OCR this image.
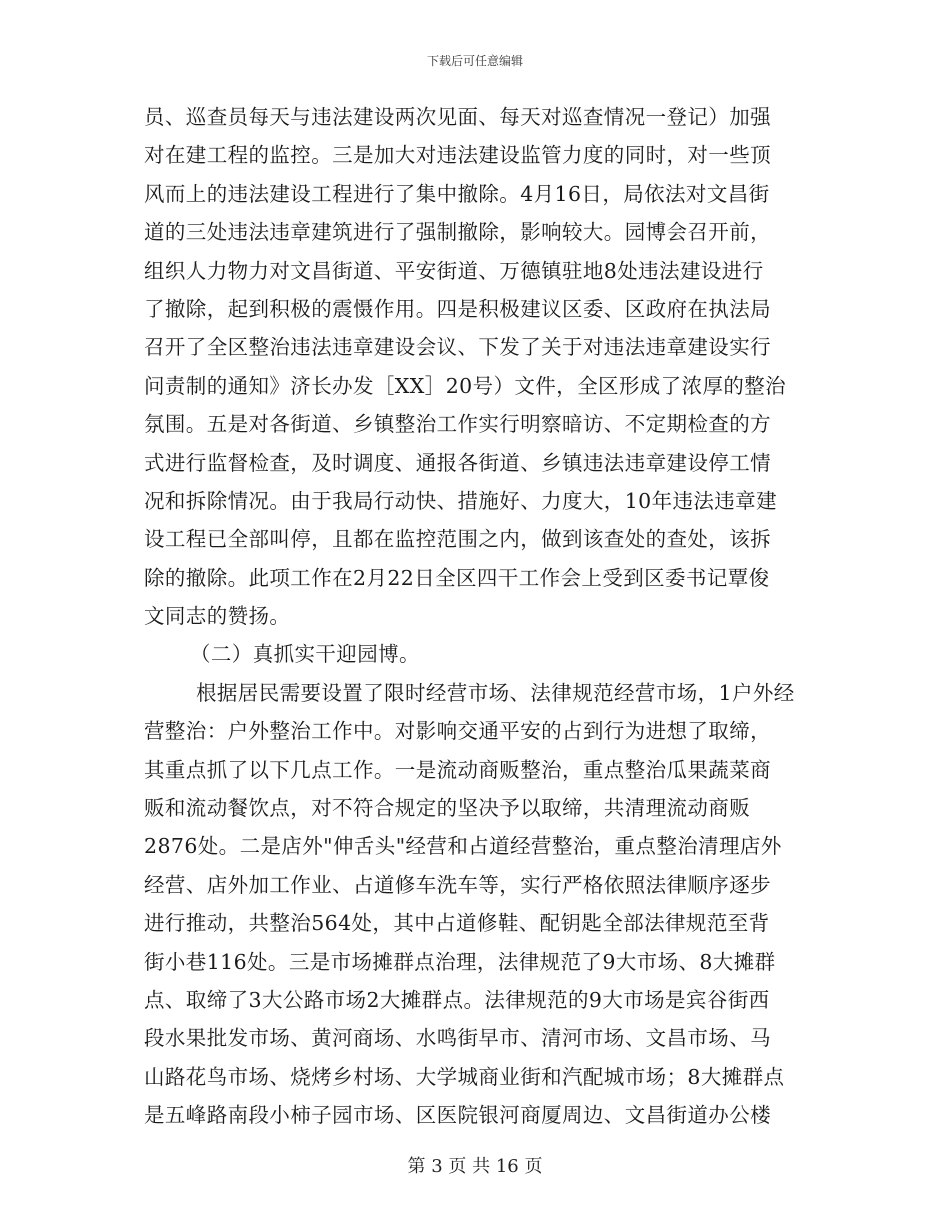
下载后可任意编辑
员、巡查员每天与违法建设两次见面、每天对巡查情况一登记）加强
对在建工程的监控。三是加大对违法建设监管力度的同时，对一些顶
风而上的违法建设工程进行了集中撤除。4月16日，局依法对文昌街
道的三处违法违章建筑进行了强制撤除，影响较大。园博会召开前，
组织人力物力对文昌街道、平安街道、万德镇驻地8处违法建设进行
了撤除，起到积极的震慑作用。四是积极建议区委、区政府在执法局
召开了全区整治违法违章建设会议、下发了关于对违法违章建设实行
问责制的通知》济长办发［XX］20号）文件，全区形成了浓厚的整治
氛围。五是对各街道、乡镇整治工作实行明察暗访、不定期检查的方
式进行监督检查，及时调度、通报各街道、乡镇违法违章建设停工情
况和拆除情况。由于我局行动快、措施好、力度大，10年违法违章建
设工程已全部叫停，且都在监控范围之内，做到该查处的查处，该拆
除的撤除。此项工作在2月22日全区四干工作会上受到区委书记覃俊
文同志的赞扬。
（二）真抓实干迎园博。
根据居民需要设置了限时经营市场、法律规范经营市场，1户外经
营整治：户外整治工作中。对影响交通平安的占到行为进想了取缔，
其重点抓了以下几点工作。一是流动商贩整治，重点整治瓜果蔬菜商
贩和流动餐饮点，对不符合规定的坚决予以取缔，共清理流动商贩
2876处。二是店外"伸舌头"经营和占道经营整治，重点整治清理店外
经营、店外加工作业、占道修车洗车等，实行严格依照法律顺序逐步
进行推动，共整治564处，其中占道修鞋、配钥匙全部法律规范至背
街小巷116处。三是市场摊群点治理，法律规范了9大市场、8大摊群
点、取缔了3大公路市场2大摊群点。法律规范的9大市场是宾谷街西
段水果批发市场、黄河商场、水鸣街早市、清河市场、文昌市场、马
山路花鸟市场、烧烤乡村场、大学城商业街和汽配城市场；8大摊群点
是五峰路南段小柿子园市场、区医院银河商厦周边、文昌街道办公楼
第 3 页 共 16 页
